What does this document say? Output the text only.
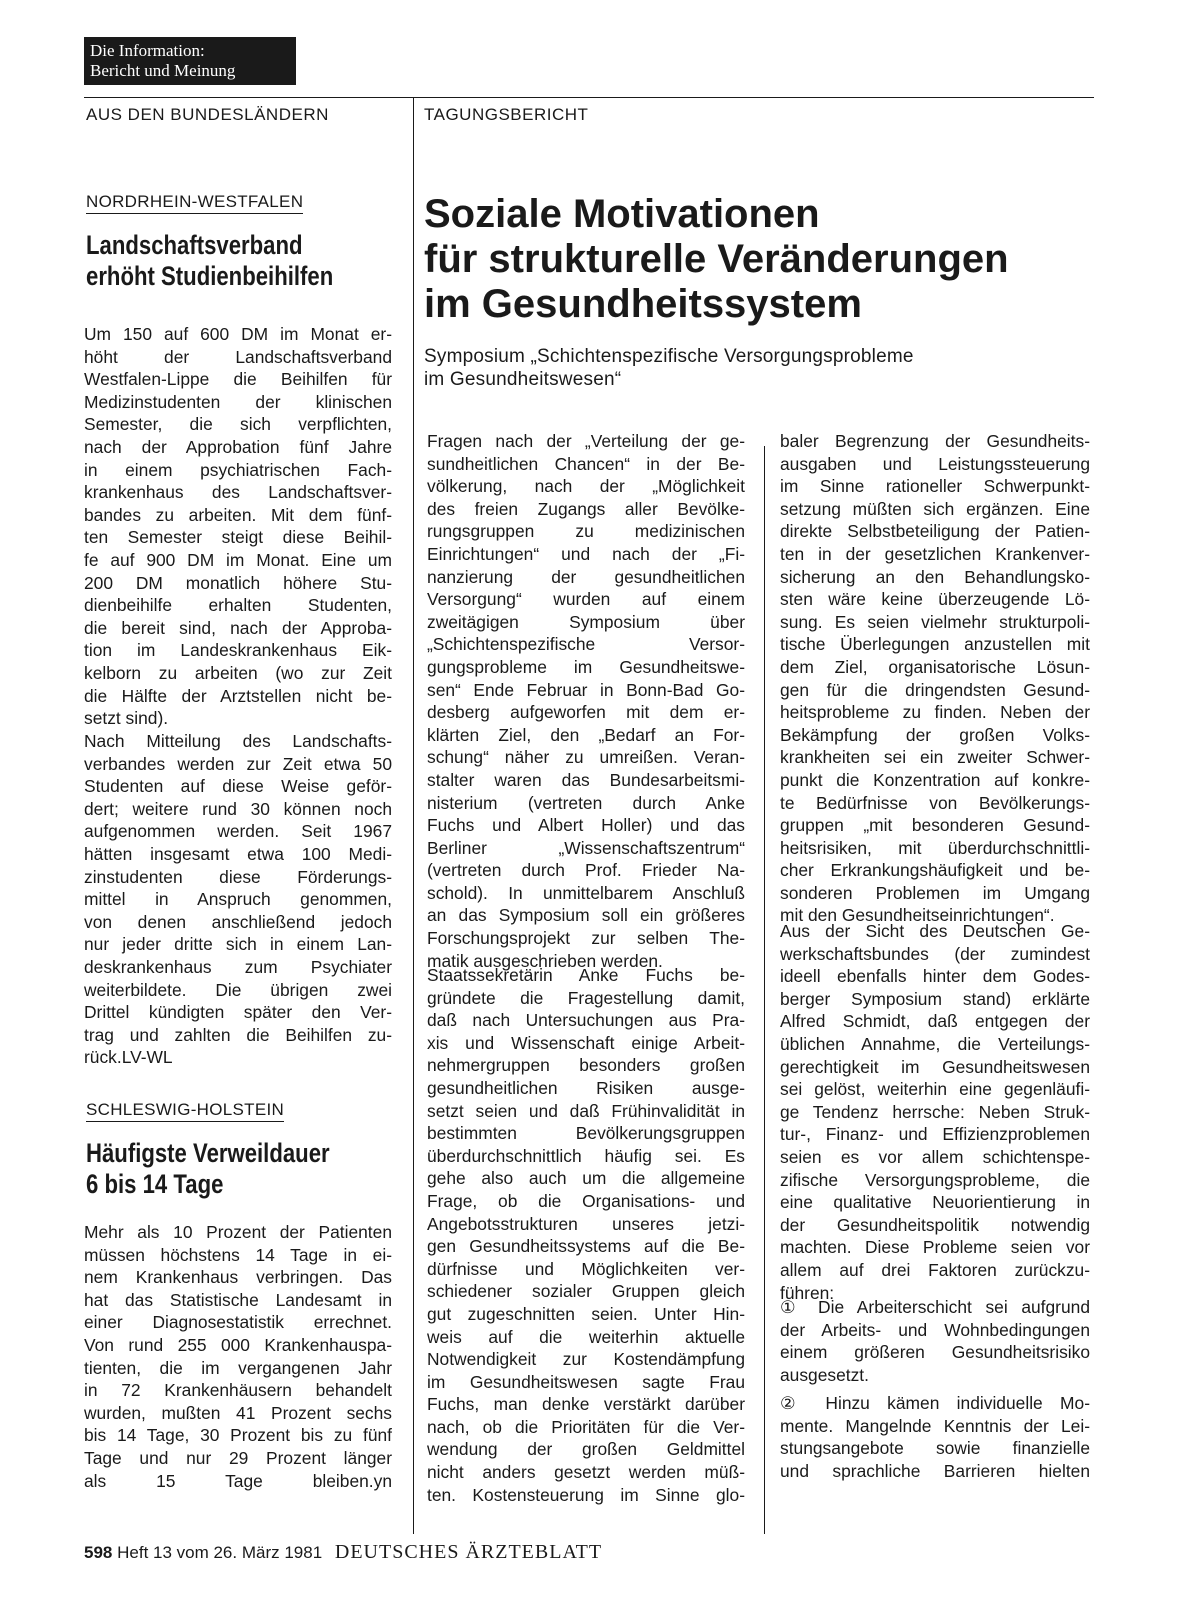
Die Information:
Bericht und Meinung
AUS DEN BUNDESLÄNDERN	TAGUNGSBERICHT
NORDRHEIN-WESTFALEN
Landschaftsverband
erhöht Studienbeihilfen
Um 150 auf 600 DM im Monat er-
höht der Landschaftsverband
Westfalen-Lippe die Beihilfen für
Medizinstudenten der klinischen
Semester, die sich verpflichten,
nach der Approbation fünf Jahre
in einem psychiatrischen Fach-
krankenhaus des Landschaftsver-
bandes zu arbeiten. Mit dem fünf-
ten Semester steigt diese Beihil-
fe auf 900 DM im Monat. Eine um
200 DM monatlich höhere Stu-
dienbeihilfe erhalten Studenten,
die bereit sind, nach der Approba-
tion im Landeskrankenhaus Eik-
kelborn zu arbeiten (wo zur Zeit
die Hälfte der Arztstellen nicht be-
setzt sind).
Nach Mitteilung des Landschafts-
verbandes werden zur Zeit etwa 50
Studenten auf diese Weise geför-
dert; weitere rund 30 können noch
aufgenommen werden. Seit 1967
hätten insgesamt etwa 100 Medi-
zinstudenten diese Förderungs-
mittel in Anspruch genommen,
von denen anschließend jedoch
nur jeder dritte sich in einem Lan-
deskrankenhaus zum Psychiater
weiterbildete. Die übrigen zwei
Drittel kündigten später den Ver-
trag und zahlten die Beihilfen zu-
rück.LV-WL
SCHLESWIG-HOLSTEIN
Häufigste Verweildauer
6 bis 14 Tage
Mehr als 10 Prozent der Patienten
müssen höchstens 14 Tage in ei-
nem Krankenhaus verbringen. Das
hat das Statistische Landesamt in
einer Diagnosestatistik errechnet.
Von rund 255 000 Krankenhauspa-
tienten, die im vergangenen Jahr
in 72 Krankenhäusern behandelt
wurden, mußten 41 Prozent sechs
bis 14 Tage, 30 Prozent bis zu fünf
Tage und nur 29 Prozent länger
als 15 Tage bleiben.yn
Soziale Motivationen
für strukturelle Veränderungen
im Gesundheitssystem
Symposium „Schichtenspezifische Versorgungsprobleme
im Gesundheitswesen“
Fragen nach der „Verteilung der ge-
sundheitlichen Chancen“ in der Be-
völkerung, nach der „Möglichkeit
des freien Zugangs aller Bevölke-
rungsgruppen zu medizinischen
Einrichtungen“ und nach der „Fi-
nanzierung der gesundheitlichen
Versorgung“ wurden auf einem
zweitägigen Symposium über
„Schichtenspezifische Versor-
gungsprobleme im Gesundheitswe-
sen“ Ende Februar in Bonn-Bad Go-
desberg aufgeworfen mit dem er-
klärten Ziel, den „Bedarf an For-
schung“ näher zu umreißen. Veran-
stalter waren das Bundesarbeitsmi-
nisterium (vertreten durch Anke
Fuchs und Albert Holler) und das
Berliner „Wissenschaftszentrum“
(vertreten durch Prof. Frieder Na-
schold). In unmittelbarem Anschluß
an das Symposium soll ein größeres
Forschungsprojekt zur selben The-
matik ausgeschrieben werden.
Staatssekretärin Anke Fuchs be-
gründete die Fragestellung damit,
daß nach Untersuchungen aus Pra-
xis und Wissenschaft einige Arbeit-
nehmergruppen besonders großen
gesundheitlichen Risiken ausge-
setzt seien und daß Frühinvalidität in
bestimmten Bevölkerungsgruppen
überdurchschnittlich häufig sei. Es
gehe also auch um die allgemeine
Frage, ob die Organisations- und
Angebotsstrukturen unseres jetzi-
gen Gesundheitssystems auf die Be-
dürfnisse und Möglichkeiten ver-
schiedener sozialer Gruppen gleich
gut zugeschnitten seien. Unter Hin-
weis auf die weiterhin aktuelle
Notwendigkeit zur Kostendämpfung
im Gesundheitswesen sagte Frau
Fuchs, man denke verstärkt darüber
nach, ob die Prioritäten für die Ver-
wendung der großen Geldmittel
nicht anders gesetzt werden müß-
ten. Kostensteuerung im Sinne glo-
baler Begrenzung der Gesundheits-
ausgaben und Leistungssteuerung
im Sinne rationeller Schwerpunkt-
setzung müßten sich ergänzen. Eine
direkte Selbstbeteiligung der Patien-
ten in der gesetzlichen Krankenver-
sicherung an den Behandlungsko-
sten wäre keine überzeugende Lö-
sung. Es seien vielmehr strukturpoli-
tische Überlegungen anzustellen mit
dem Ziel, organisatorische Lösun-
gen für die dringendsten Gesund-
heitsprobleme zu finden. Neben der
Bekämpfung der großen Volks-
krankheiten sei ein zweiter Schwer-
punkt die Konzentration auf konkre-
te Bedürfnisse von Bevölkerungs-
gruppen „mit besonderen Gesund-
heitsrisiken, mit überdurchschnittli-
cher Erkrankungshäufigkeit und be-
sonderen Problemen im Umgang
mit den Gesundheitseinrichtungen“.
Aus der Sicht des Deutschen Ge-
werkschaftsbundes (der zumindest
ideell ebenfalls hinter dem Godes-
berger Symposium stand) erklärte
Alfred Schmidt, daß entgegen der
üblichen Annahme, die Verteilungs-
gerechtigkeit im Gesundheitswesen
sei gelöst, weiterhin eine gegenläufi-
ge Tendenz herrsche: Neben Struk-
tur-, Finanz- und Effizienzproblemen
seien es vor allem schichtenspe-
zifische Versorgungsprobleme, die
eine qualitative Neuorientierung in
der Gesundheitspolitik notwendig
machten. Diese Probleme seien vor
allem auf drei Faktoren zurückzu-
führen:
① Die Arbeiterschicht sei aufgrund
der Arbeits- und Wohnbedingungen
einem größeren Gesundheitsrisiko
ausgesetzt.
② Hinzu kämen individuelle Mo-
mente. Mangelnde Kenntnis der Lei-
stungsangebote sowie finanzielle
und sprachliche Barrieren hielten
598 Heft 13 vom 26. März 1981 DEUTSCHES ÄRZTEBLATT
